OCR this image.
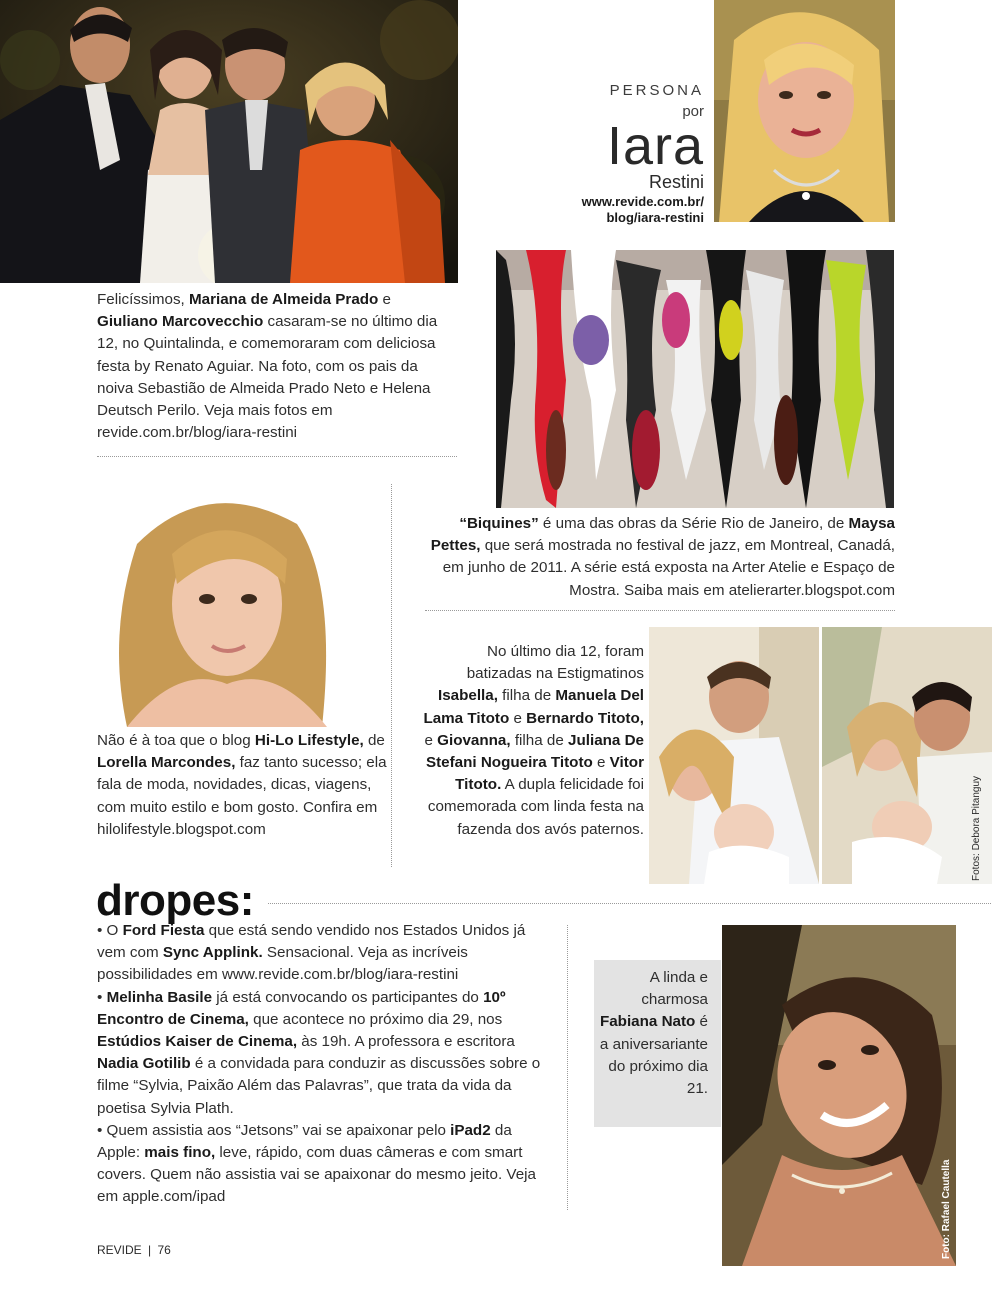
PERSONA
por
Iara
Restini
www.revide.com.br/
blog/iara-restini
Felicíssimos, Mariana de Almeida Prado e Giuliano Marcovecchio casaram-se no último dia 12, no Quintalinda, e comemoraram com deliciosa festa by Renato Aguiar. Na foto, com os pais da noiva Sebastião de Almeida Prado Neto e Helena Deutsch Perilo. Veja mais fotos em revide.com.br/blog/iara-restini
“Biquines” é uma das obras da Série Rio de Janeiro, de Maysa Pettes, que será mostrada no festival de jazz, em Montreal, Canadá, em junho de 2011. A série está exposta na Arter Atelie e Espaço de Mostra. Saiba mais em atelierarter.blogspot.com
Não é à toa que o blog Hi-Lo Lifestyle, de Lorella Marcondes, faz tanto sucesso; ela fala de moda, novidades, dicas, viagens, com muito estilo e bom gosto. Confira em hilolifestyle.blogspot.com
No último dia 12, foram batizadas na Estigmatinos Isabella, filha de Manuela Del Lama Titoto e Bernardo Titoto, e Giovanna, filha de Juliana De Stefani Nogueira Titoto e Vitor Titoto. A dupla felicidade foi comemorada com linda festa na fazenda dos avós paternos.	Fotos: Debora Pitanguy
dropes:
• O Ford Fiesta que está sendo vendido nos Estados Unidos já vem com Sync Applink. Sensacional. Veja as incríveis possibilidades em www.revide.com.br/blog/iara-restini
• Melinha Basile já está convocando os participantes do 10º Encontro de Cinema, que acontece no próximo dia 29, nos Estúdios Kaiser de Cinema, às 19h. A professora e escritora Nadia Gotilib é a convidada para conduzir as discussões sobre o filme “Sylvia, Paixão Além das Palavras”, que trata da vida da poetisa Sylvia Plath.
• Quem assistia aos “Jetsons” vai se apaixonar pelo iPad2 da Apple: mais fino, leve, rápido, com duas câmeras e com smart covers. Quem não assistia vai se apaixonar do mesmo jeito. Veja em apple.com/ipad
A linda e charmosa Fabiana Nato é a aniversariante do próximo dia 21.
Foto: Rafael Cautella
REVIDE | 76
